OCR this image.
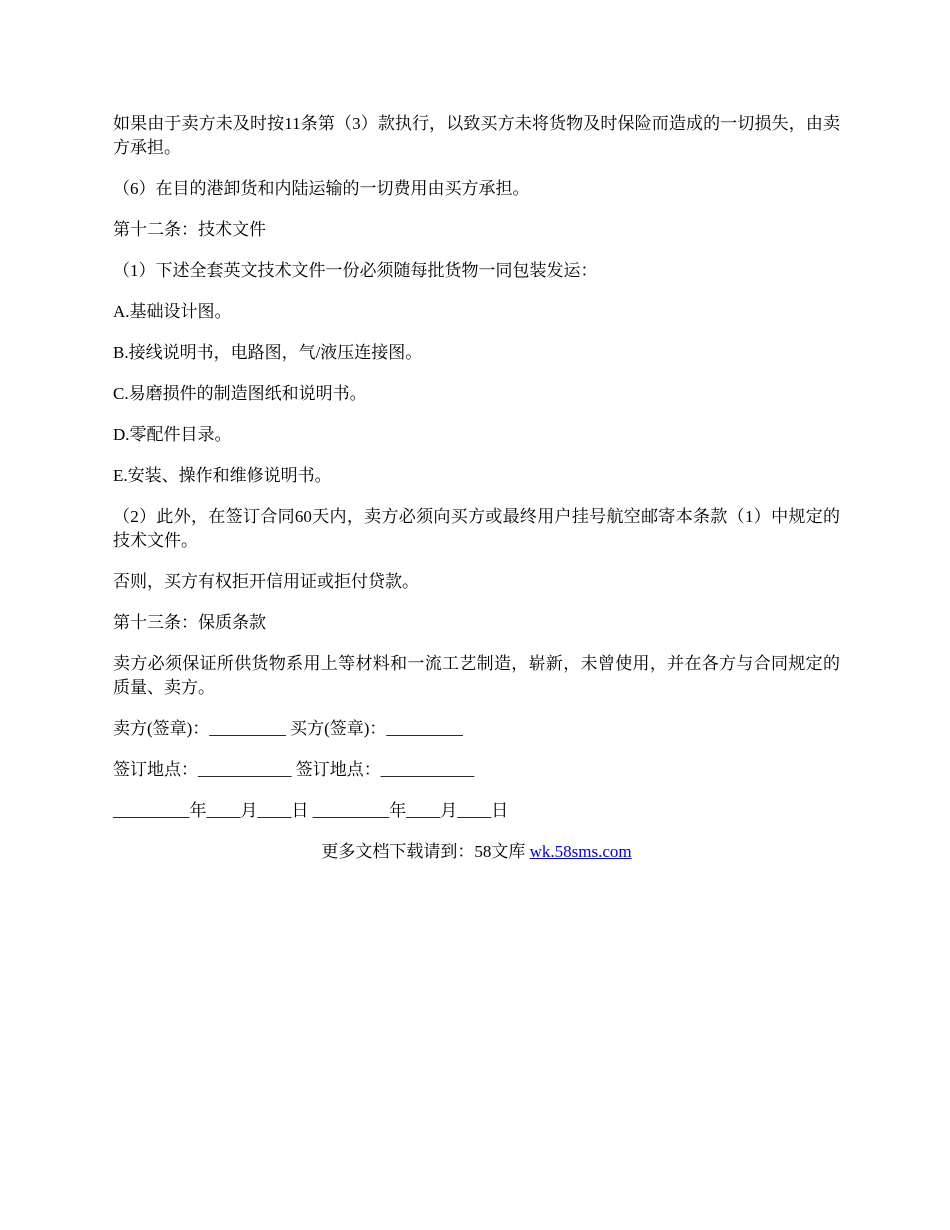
如果由于卖方未及时按11条第（3）款执行，以致买方未将货物及时保险而造成的一切损失，由卖方承担。

（6）在目的港卸货和内陆运输的一切费用由买方承担。

第十二条：技术文件

（1）下述全套英文技术文件一份必须随每批货物一同包装发运：

A.基础设计图。

B.接线说明书，电路图，气/液压连接图。

C.易磨损件的制造图纸和说明书。

D.零配件目录。

E.安装、操作和维修说明书。

（2）此外，在签订合同60天内，卖方必须向买方或最终用户挂号航空邮寄本条款（1）中规定的技术文件。

否则，买方有权拒开信用证或拒付贷款。

第十三条：保质条款

卖方必须保证所供货物系用上等材料和一流工艺制造，崭新，未曾使用，并在各方与合同规定的质量、卖方。

卖方(签章)：_________ 买方(签章)：_________

签订地点：___________ 签订地点：___________

_________年____月____日 _________年____月____日

更多文档下载请到：58文库 wk.58sms.com
